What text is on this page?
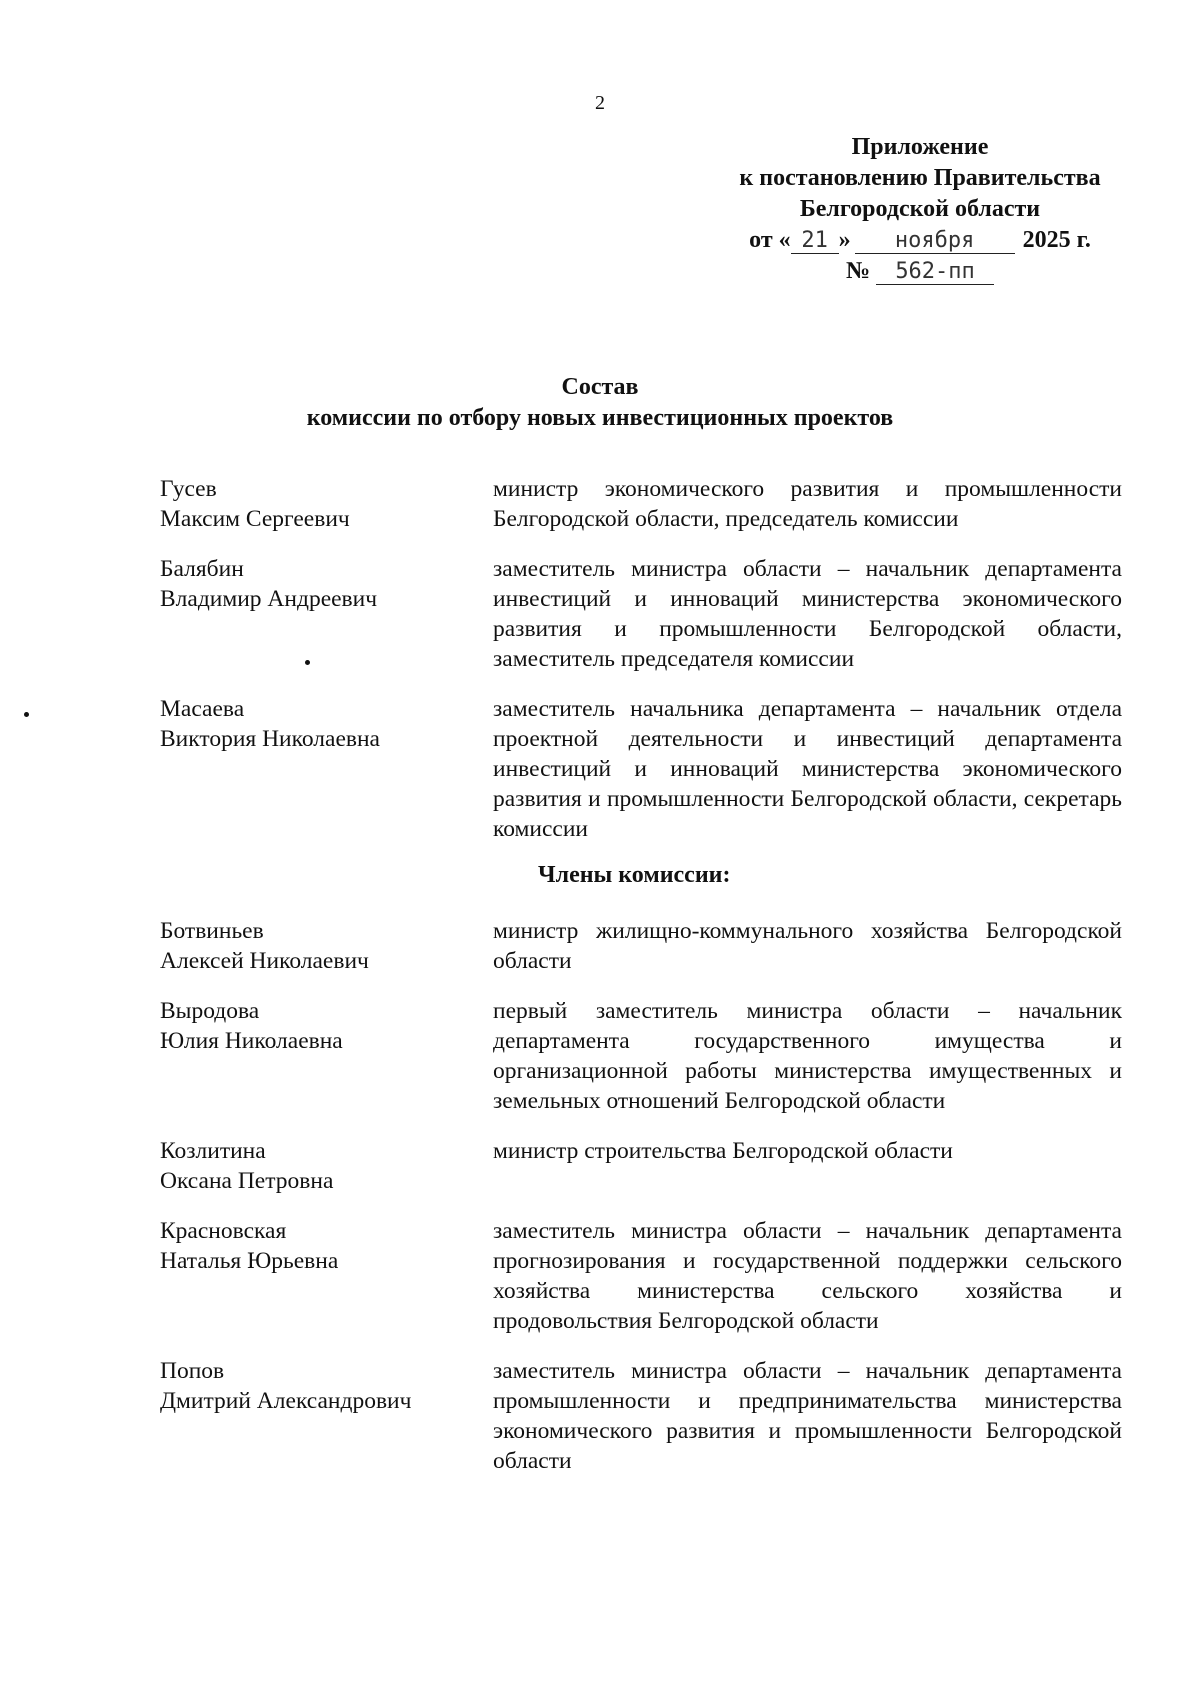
2
Приложение
к постановлению Правительства
Белгородской области
от « 21 » ноября 2025 г.
№ 562-пп
Состав
комиссии по отбору новых инвестиционных проектов
Гусев
Максим Сергеевич
министр экономического развития и промышленности Белгородской области, председатель комиссии
Балябин
Владимир Андреевич
заместитель министра области – начальник департамента инвестиций и инноваций министерства экономического развития и промышленности Белгородской области, заместитель председателя комиссии
Масаева
Виктория Николаевна
заместитель начальника департамента – начальник отдела проектной деятельности и инвестиций департамента инвестиций и инноваций министерства экономического развития и промышленности Белгородской области, секретарь комиссии
Члены комиссии:
Ботвиньев
Алексей Николаевич
министр жилищно-коммунального хозяйства Белгородской области
Выродова
Юлия Николаевна
первый заместитель министра области – начальник департамента государственного имущества и организационной работы министерства имущественных и земельных отношений Белгородской области
Козлитина
Оксана Петровна
министр строительства Белгородской области
Красновская
Наталья Юрьевна
заместитель министра области – начальник департамента прогнозирования и государственной поддержки сельского хозяйства министерства сельского хозяйства и продовольствия Белгородской области
Попов
Дмитрий Александрович
заместитель министра области – начальник департамента промышленности и предпринимательства министерства экономического развития и промышленности Белгородской области
